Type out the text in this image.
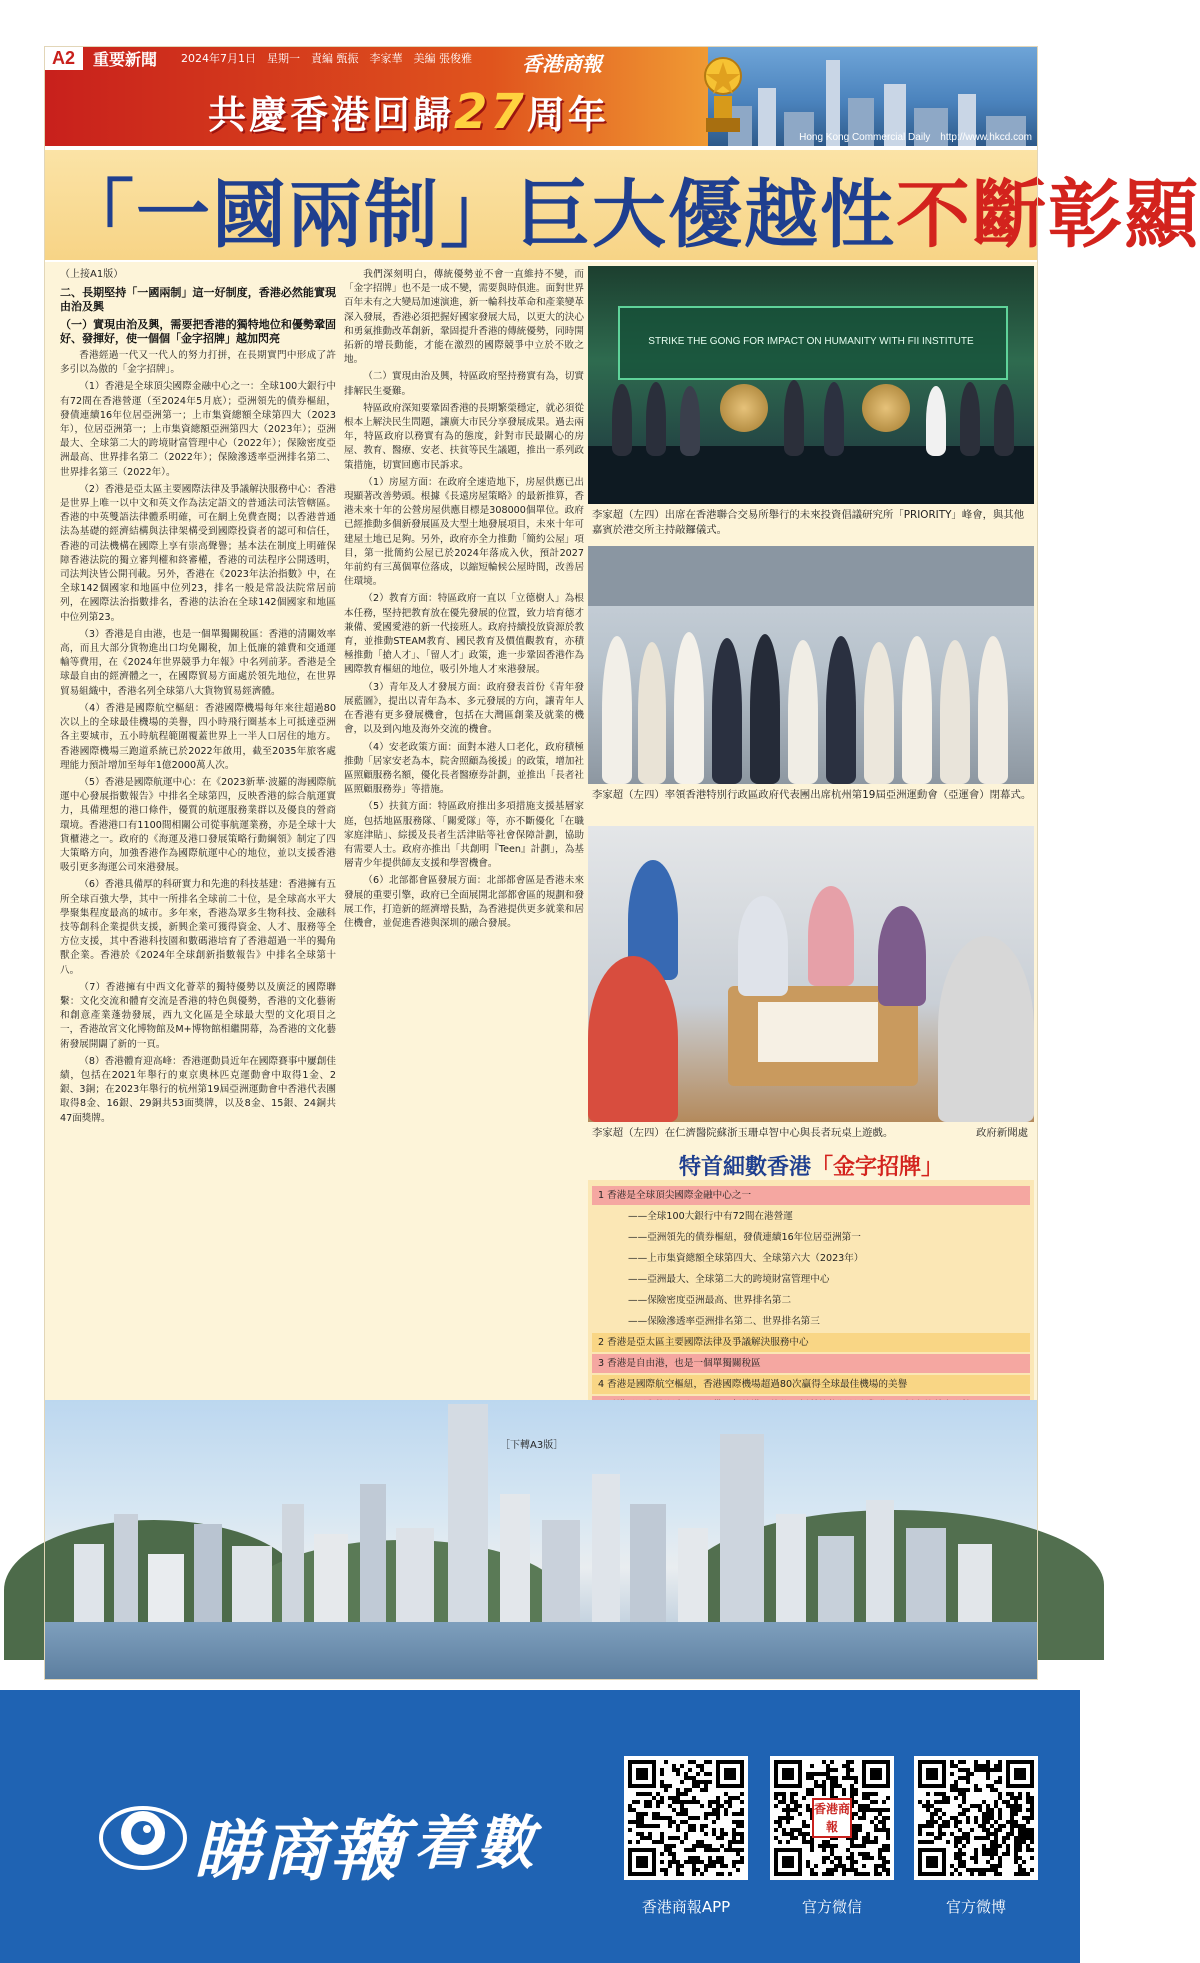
A2	重要新聞 2024年7月1日　星期一　責編 甄振　李家華　美編 張俊雅 香港商報
共慶香港回歸27周年
Hong Kong Commercial Daily　http://www.hkcd.com
「一國兩制」巨大優越性不斷彰顯
（上接A1版）
二、長期堅持「一國兩制」這一好制度，香港必然能實現由治及興
（一）實現由治及興，需要把香港的獨特地位和優勢鞏固好、發揮好，使一個個「金字招牌」越加閃亮

香港經過一代又一代人的努力打拼，在長期實門中形成了許多引以為傲的「金字招牌」。

（1）香港是全球頂尖國際金融中心之一：全球100大銀行中有72間在香港營運（至2024年5月底）；亞洲領先的債券樞紐，發債連續16年位居亞洲第一；上市集資總額全球第四大（2023年），位居亞洲第一；上市集資總額亞洲第四大（2023年）；亞洲最大、全球第二大的跨境財富管理中心（2022年）；保險密度亞洲最高、世界排名第二（2022年）；保險滲透率亞洲排名第二、世界排名第三（2022年）。

（2）香港是亞太區主要國際法律及爭議解決服務中心：香港是世界上唯一以中文和英文作為法定語文的普通法司法管轄區。香港的中英雙語法律體系明確，可在網上免費查閱；以香港普通法為基礎的經濟結構與法律架構受到國際投資者的認可和信任，香港的司法機構在國際上享有崇高聲譽；基本法在制度上明確保障香港法院的獨立審判權和終審權，香港的司法程序公開透明，司法判決皆公開刊載。另外，香港在《2023年法治指數》中，在全球142個國家和地區中位列23，排名一般是常設法院常居前列，在國際法治指數排名，香港的法治在全球142個國家和地區中位列第23。

（3）香港是自由港，也是一個單獨關稅區：香港的清關效率高，而且大部分貨物進出口均免關稅，加上低廉的雜費和交通運輸等費用，在《2024年世界競爭力年報》中名列前茅。香港是全球最自由的經濟體之一，在國際貿易方面處於領先地位，在世界貿易組織中，香港名列全球第八大貨物貿易經濟體。

（4）香港是國際航空樞紐：香港國際機場每年來往超過80次以上的全球最佳機場的美譽，四小時飛行圈基本上可抵達亞洲各主要城市，五小時航程範圍覆蓋世界上一半人口居住的地方。香港國際機場三跑道系統已於2022年啟用，截至2035年旅客處理能力預計增加至每年1億2000萬人次。

（5）香港是國際航運中心：在《2023新華·波羅的海國際航運中心發展指數報告》中排名全球第四，反映香港的綜合航運實力，具備理想的港口條件，優質的航運服務業群以及優良的營商環境。香港港口有1100間相關公司從事航運業務，亦是全球十大貨櫃港之一。政府的《海運及港口發展策略行動綱領》制定了四大策略方向，加強香港作為國際航運中心的地位，並以支援香港吸引更多海運公司來港發展。

（6）香港具備厚的科研實力和先進的科技基建：香港擁有五所全球百強大學，其中一所排名全球前二十位，是全球高水平大學聚集程度最高的城市。多年來，香港為眾多生物科技、金融科技等創科企業提供支援，新興企業可獲得資金、人才、服務等全方位支援，其中香港科技園和數碼港培育了香港超過一半的獨角獸企業。香港於《2024年全球創新指數報告》中排名全球第十八。

（7）香港擁有中西文化薈萃的獨特優勢以及廣泛的國際聯繫：文化交流和體育交流是香港的特色與優勢，香港的文化藝術和創意產業蓬勃發展，西九文化區是全球最大型的文化項目之一，香港故宮文化博物館及M+博物館相繼開幕，為香港的文化藝術發展開闢了新的一頁。

（8）香港體育迎高峰：香港運動員近年在國際賽事中屢創佳績，包括在2021年舉行的東京奧林匹克運動會中取得1金、2銀、3銅；在2023年舉行的杭州第19屆亞洲運動會中香港代表團取得8金、16銀、29銅共53面獎牌，以及8金、15銀、24銅共47面獎牌。

我們深刻明白，傳統優勢並不會一直維持不變，而「金字招牌」也不是一成不變，需要與時俱進。面對世界百年未有之大變局加速演進，新一輪科技革命和產業變革深入發展，香港必須把握好國家發展大局，以更大的決心和勇氣推動改革創新，鞏固提升香港的傳統優勢，同時開拓新的增長動能，才能在激烈的國際競爭中立於不敗之地。

（二）實現由治及興，特區政府堅持務實有為，切實排解民生憂難。

特區政府深知要鞏固香港的長期繁榮穩定，就必須從根本上解決民生問題，讓廣大市民分享發展成果。過去兩年，特區政府以務實有為的態度，針對市民最關心的房屋、教育、醫療、安老、扶貧等民生議題，推出一系列政策措施，切實回應市民訴求。

（1）房屋方面：在政府全速造地下，房屋供應已出現顯著改善勢頭。根據《長遠房屋策略》的最新推算，香港未來十年的公營房屋供應目標是308000個單位。政府已經推動多個新發展區及大型土地發展項目，未來十年可建屋土地已足夠。另外，政府亦全力推動「簡約公屋」項目，第一批簡約公屋已於2024年落成入伙，預計2027年前約有三萬個單位落成，以縮短輪候公屋時間，改善居住環境。

（2）教育方面：特區政府一直以「立德樹人」為根本任務，堅持把教育放在優先發展的位置，致力培育德才兼備、愛國愛港的新一代接班人。政府持續投放資源於教育，並推動STEAM教育、國民教育及價值觀教育，亦積極推動「搶人才」、「留人才」政策，進一步鞏固香港作為國際教育樞紐的地位，吸引外地人才來港發展。

（3）青年及人才發展方面：政府發表首份《青年發展藍圖》，提出以青年為本、多元發展的方向，讓青年人在香港有更多發展機會，包括在大灣區創業及就業的機會，以及到內地及海外交流的機會。

（4）安老政策方面：面對本港人口老化，政府積極推動「居家安老為本，院舍照顧為後援」的政策，增加社區照顧服務名額，優化長者醫療券計劃，並推出「長者社區照顧服務券」等措施。

（5）扶貧方面：特區政府推出多項措施支援基層家庭，包括地區服務隊、「關愛隊」等，亦不斷優化「在職家庭津貼」、綜援及長者生活津貼等社會保障計劃，協助有需要人士。政府亦推出「共創明『Teen』計劃」，為基層青少年提供師友支援和學習機會。

（6）北部都會區發展方面：北部都會區是香港未來發展的重要引擎，政府已全面展開北部都會區的規劃和發展工作，打造新的經濟增長點，為香港提供更多就業和居住機會，並促進香港與深圳的融合發展。

STRIKE THE GONG FOR IMPACT ON HUMANITY WITH FII INSTITUTE
李家超（左四）出席在香港聯合交易所舉行的未來投資倡議研究所「PRIORITY」峰會，與其他嘉賓於港交所主持敲鑼儀式。
李家超（左四）率領香港特別行政區政府代表團出席杭州第19屆亞洲運動會（亞運會）閉幕式。
李家超（左四）在仁濟醫院蘇浙玉珊卓智中心與長者玩桌上遊戲。	政府新聞處
特首細數香港「金字招牌」
1 香港是全球頂尖國際金融中心之一
——全球100大銀行中有72間在港營運
——亞洲領先的債券樞紐，發債連續16年位居亞洲第一
——上市集資總額全球第四大、全球第六大（2023年）
——亞洲最大、全球第二大的跨境財富管理中心
——保險密度亞洲最高、世界排名第二
——保險滲透率亞洲排名第二、世界排名第三
2 香港是亞太區主要國際法律及爭議解決服務中心
3 香港是自由港，也是一個單獨關稅區
4 香港是國際航空樞紐，香港國際機場超過80次贏得全球最佳機場的美譽
［下轉A3版］
睇商報
有着數	香港商報
香港商報APP	官方微信	官方微博
